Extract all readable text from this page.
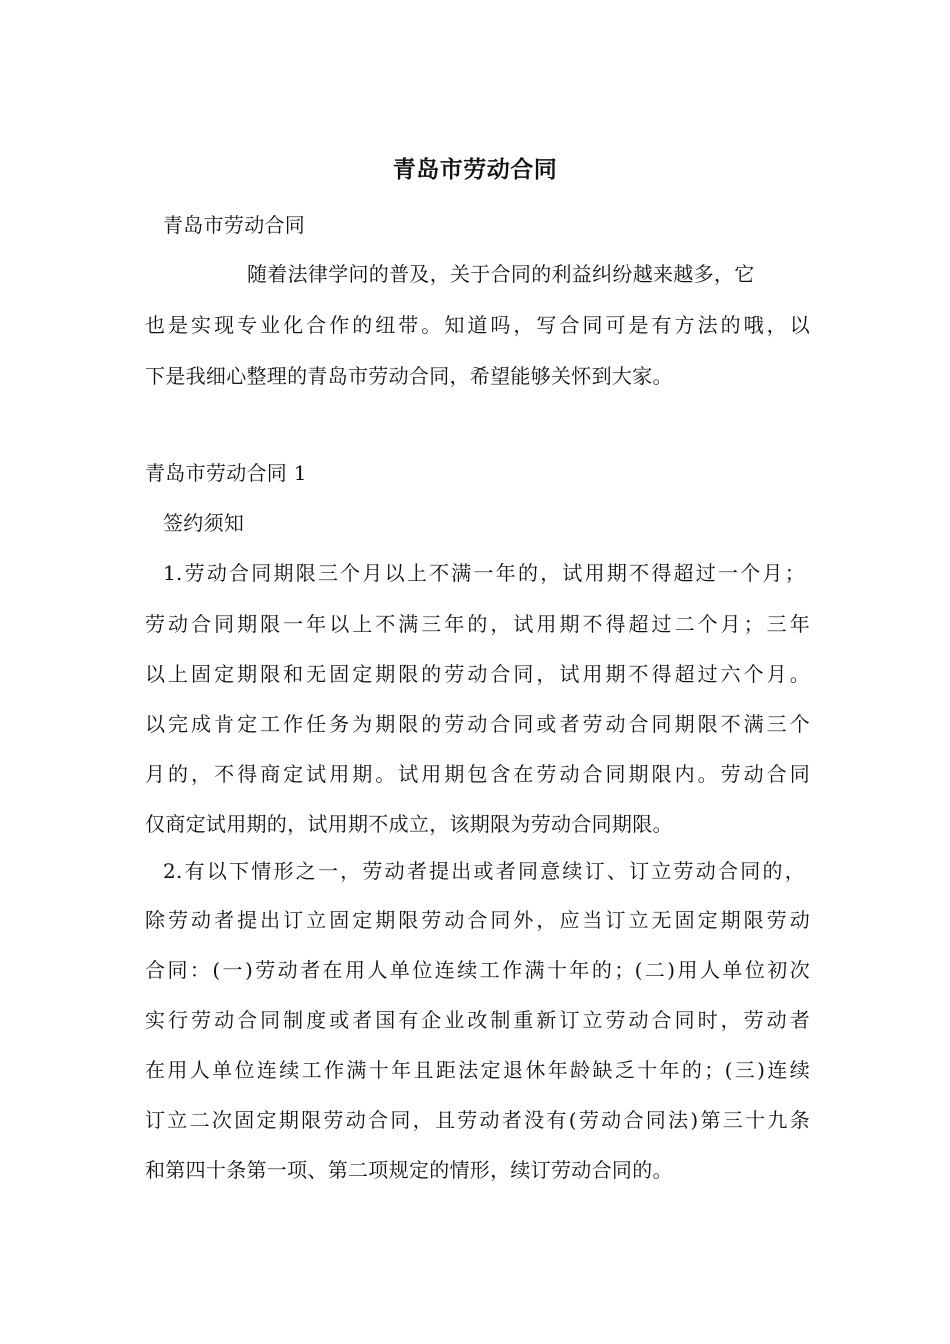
青岛市劳动合同
青岛市劳动合同
随着法律学问的普及，关于合同的利益纠纷越来越多，它
也是实现专业化合作的纽带。知道吗，写合同可是有方法的哦，以
下是我细心整理的青岛市劳动合同，希望能够关怀到大家。
青岛市劳动合同 1
签约须知
1.劳动合同期限三个月以上不满一年的，试用期不得超过一个月；
劳动合同期限一年以上不满三年的，试用期不得超过二个月；三年
以上固定期限和无固定期限的劳动合同，试用期不得超过六个月。
以完成肯定工作任务为期限的劳动合同或者劳动合同期限不满三个
月的，不得商定试用期。试用期包含在劳动合同期限内。劳动合同
仅商定试用期的，试用期不成立，该期限为劳动合同期限。
2.有以下情形之一，劳动者提出或者同意续订、订立劳动合同的，
除劳动者提出订立固定期限劳动合同外，应当订立无固定期限劳动
合同：(一)劳动者在用人单位连续工作满十年的；(二)用人单位初次
实行劳动合同制度或者国有企业改制重新订立劳动合同时，劳动者
在用人单位连续工作满十年且距法定退休年龄缺乏十年的；(三)连续
订立二次固定期限劳动合同，且劳动者没有(劳动合同法)第三十九条
和第四十条第一项、第二项规定的情形，续订劳动合同的。
